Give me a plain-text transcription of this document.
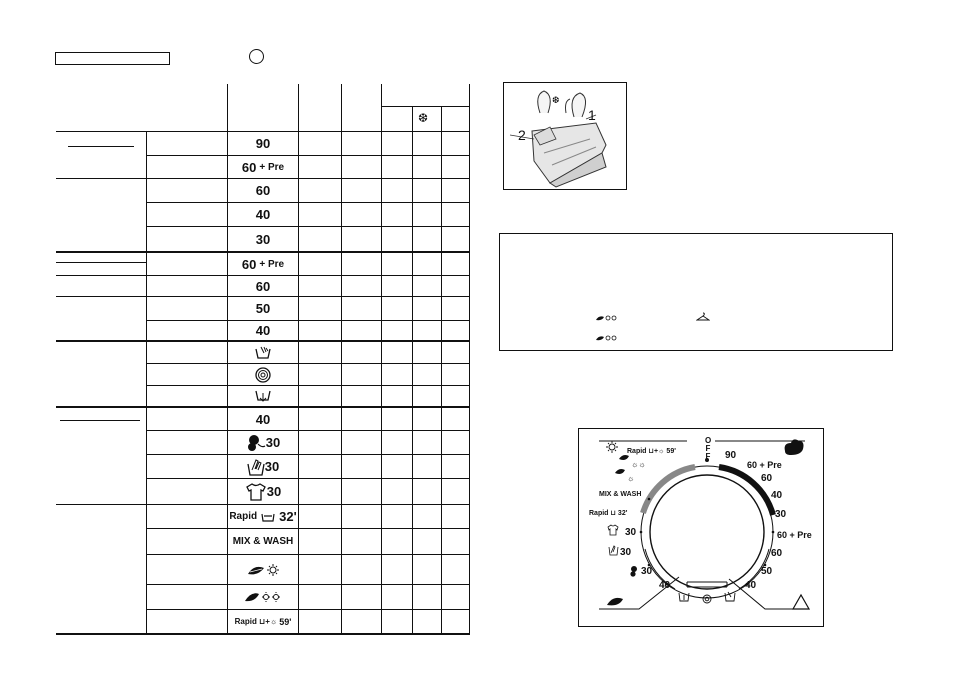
❆
90
60 + Pre
60
40
30
60 + Pre
60
50
40
40
30
30
30
Rapid 32'
MIX & WASH
Rapid ⊔+☼ 59'
❆
1
2
OFF 90
60 + Pre
60
40
30
60 + Pre
60
50
40
Rapid ⊔+☼ 59'
☼☼
☼
MIX & WASH
Rapid ⊔ 32'
30
30
30
40
